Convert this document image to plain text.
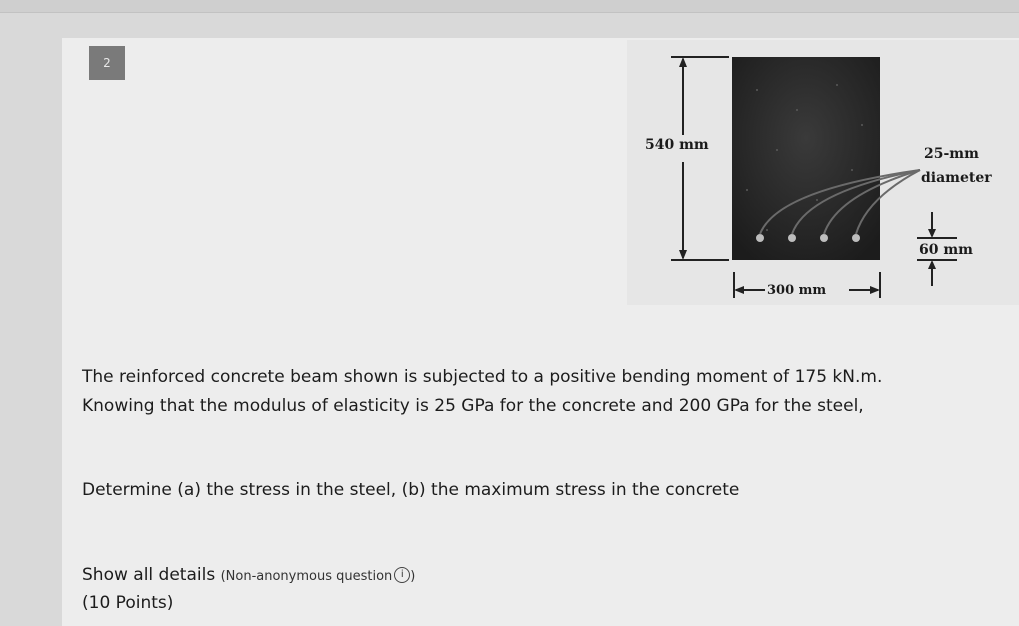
2
540 mm
300 mm
25-mm
diameter
60 mm
The reinforced concrete beam shown is subjected to a positive bending moment of 175 kN.m.
Knowing that the modulus of elasticity is 25 GPa for the concrete and 200 GPa for the steel,
Determine (a) the stress in the steel, (b) the maximum stress in the concrete
Show all details (Non-anonymous question i )
(10 Points)
